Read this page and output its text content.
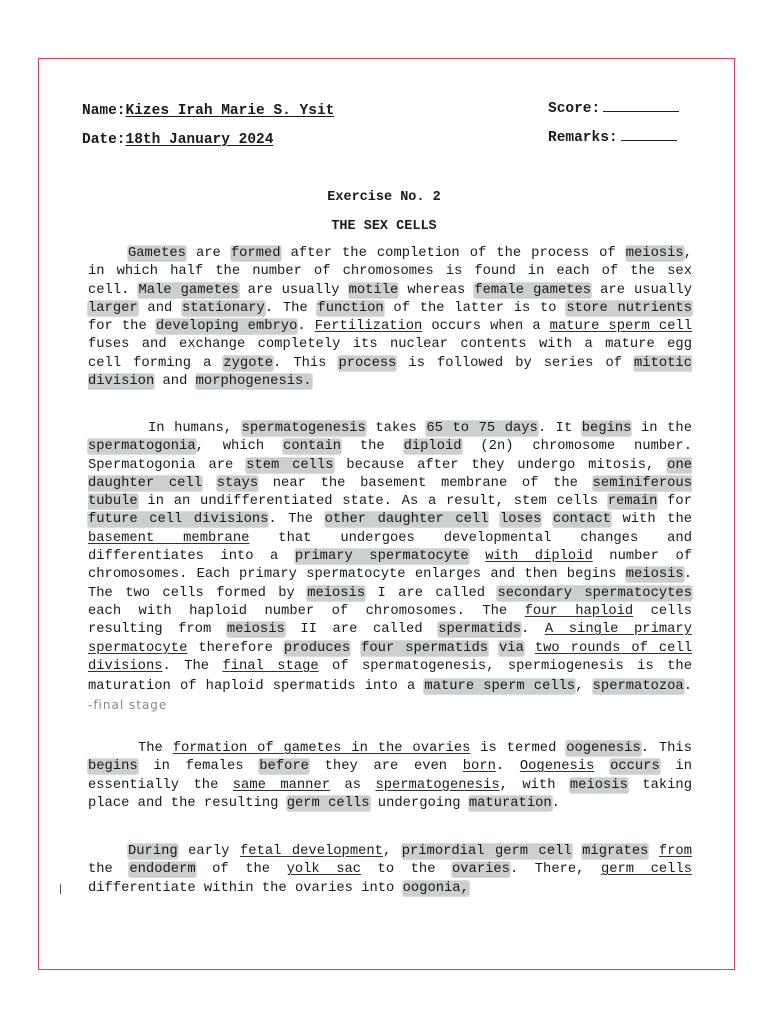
Name:Kizes Irah Marie S. Ysit
Date:18th January 2024
Score:
Remarks:
Exercise No. 2
THE SEX CELLS

Gametes are formed after the completion of the process of meiosis, in which half the number of chromosomes is found in each of the sex cell. Male gametes are usually motile whereas female gametes are usually larger and stationary. The function of the latter is to store nutrients for the developing embryo. Fertilization occurs when a mature sperm cell fuses and exchange completely its nuclear contents with a mature egg cell forming a zygote. This process is followed by series of mitotic division and morphogenesis.

In humans, spermatogenesis takes 65 to 75 days. It begins in the spermatogonia, which contain the diploid (2n) chromosome number. Spermatogonia are stem cells because after they undergo mitosis, one daughter cell stays near the basement membrane of the seminiferous tubule in an undifferentiated state. As a result, stem cells remain for future cell divisions. The other daughter cell loses contact with the basement membrane that undergoes developmental changes and differentiates into a primary spermatocyte with diploid number of chromosomes. Each primary spermatocyte enlarges and then begins meiosis. The two cells formed by meiosis I are called secondary spermatocytes each with haploid number of chromosomes. The four haploid cells resulting from meiosis II are called spermatids. A single primary spermatocyte therefore produces four spermatids via two rounds of cell divisions. The final stage of spermatogenesis, spermiogenesis is the maturation of haploid spermatids into a mature sperm cells, spermatozoa. -final stage

The formation of gametes in the ovaries is termed oogenesis. This begins in females before they are even born. Oogenesis occurs in essentially the same manner as spermatogenesis, with meiosis taking place and the resulting germ cells undergoing maturation.

During early fetal development, primordial germ cell migrates from the endoderm of the yolk sac to the ovaries. There, germ cells differentiate within the ovaries into oogonia,
